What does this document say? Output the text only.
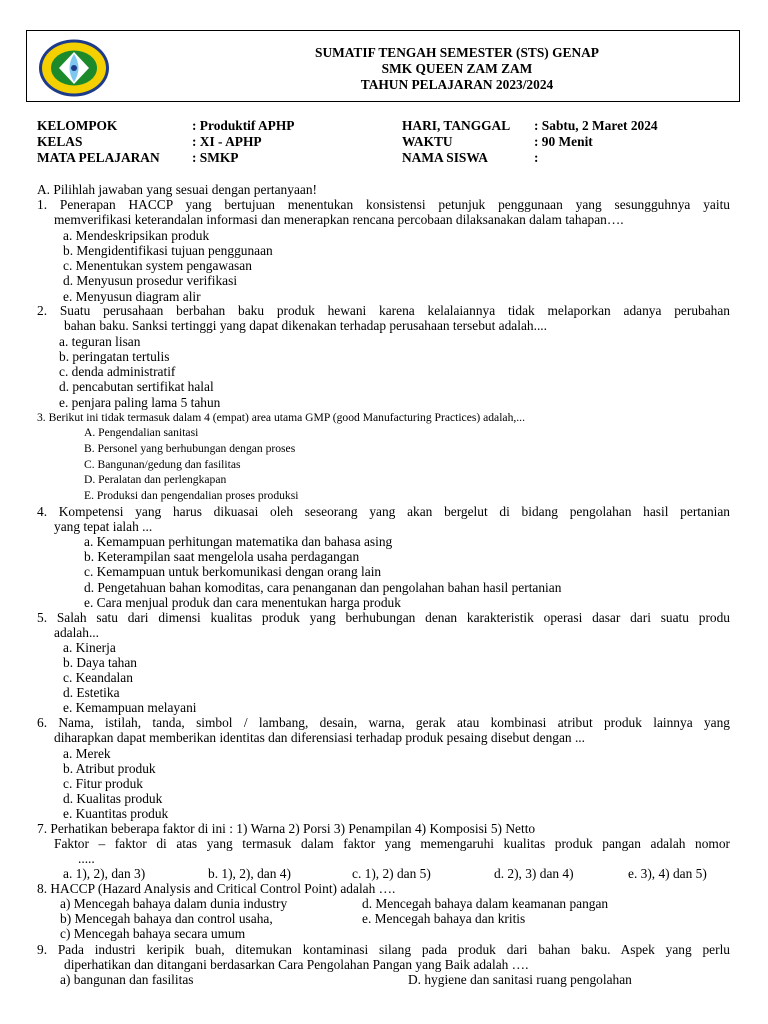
SUMATIF TENGAH SEMESTER (STS) GENAP
SMK QUEEN ZAM ZAM
TAHUN PELAJARAN 2023/2024
KELOMPOK	: Produktif APHP
KELAS	: XI - APHP
MATA PELAJARAN : SMKP
HARI, TANGGAL : Sabtu, 2 Maret 2024
WAKTU	: 90 Menit
NAMA SISWA	:
A. Pilihlah jawaban yang sesuai dengan pertanyaan!
1. Penerapan HACCP yang bertujuan menentukan konsistensi petunjuk penggunaan yang sesungguhnya yaitu
memverifikasi keterandalan informasi dan menerapkan rencana percobaan dilaksanakan dalam tahapan….
a. Mendeskripsikan produk
b. Mengidentifikasi tujuan penggunaan
c. Menentukan system pengawasan
d. Menyusun prosedur verifikasi
e. Menyusun diagram alir
2. Suatu perusahaan berbahan baku produk hewani karena kelalaiannya tidak melaporkan adanya perubahan
bahan baku. Sanksi tertinggi yang dapat dikenakan terhadap perusahaan tersebut adalah....
a. teguran lisan
b. peringatan tertulis
c. denda administratif
d. pencabutan sertifikat halal
e. penjara paling lama 5 tahun
3. Berikut ini tidak termasuk dalam 4 (empat) area utama GMP (good Manufacturing Practices) adalah,...
A. Pengendalian sanitasi
B. Personel yang berhubungan dengan proses
C. Bangunan/gedung dan fasilitas
D. Peralatan dan perlengkapan
E. Produksi dan pengendalian proses produksi
4. Kompetensi yang harus dikuasai oleh seseorang yang akan bergelut di bidang pengolahan hasil pertanian
yang tepat ialah ...
a. Kemampuan perhitungan matematika dan bahasa asing
b. Keterampilan saat mengelola usaha perdagangan
c. Kemampuan untuk berkomunikasi dengan orang lain
d. Pengetahuan bahan komoditas, cara penanganan dan pengolahan bahan hasil pertanian
e. Cara menjual produk dan cara menentukan harga produk
5. Salah satu dari dimensi kualitas produk yang berhubungan denan karakteristik operasi dasar dari suatu produ
adalah...
a. Kinerja
b. Daya tahan
c. Keandalan
d. Estetika
e. Kemampuan melayani
6. Nama, istilah, tanda, simbol / lambang, desain, warna, gerak atau kombinasi atribut produk lainnya yang
diharapkan dapat memberikan identitas dan diferensiasi terhadap produk pesaing disebut dengan ...
a. Merek
b. Atribut produk
c. Fitur produk
d. Kualitas produk
e. Kuantitas produk
7. Perhatikan beberapa faktor di ini : 1) Warna 2) Porsi 3) Penampilan 4) Komposisi 5) Netto
Faktor – faktor di atas yang termasuk dalam faktor yang memengaruhi kualitas produk pangan adalah nomor
.....
a. 1), 2), dan 3)	b. 1), 2), dan 4)	c. 1), 2) dan 5)	d. 2), 3) dan 4)	e. 3), 4) dan 5)
8. HACCP (Hazard Analysis and Critical Control Point) adalah ….
a) Mencegah bahaya dalam dunia industry	d. Mencegah bahaya dalam keamanan pangan
b) Mencegah bahaya dan control usaha,	e. Mencegah bahaya dan kritis
c) Mencegah bahaya secara umum
9. Pada industri keripik buah, ditemukan kontaminasi silang pada produk dari bahan baku. Aspek yang perlu
diperhatikan dan ditangani berdasarkan Cara Pengolahan Pangan yang Baik adalah ….
a) bangunan dan fasilitas	D. hygiene dan sanitasi ruang pengolahan
